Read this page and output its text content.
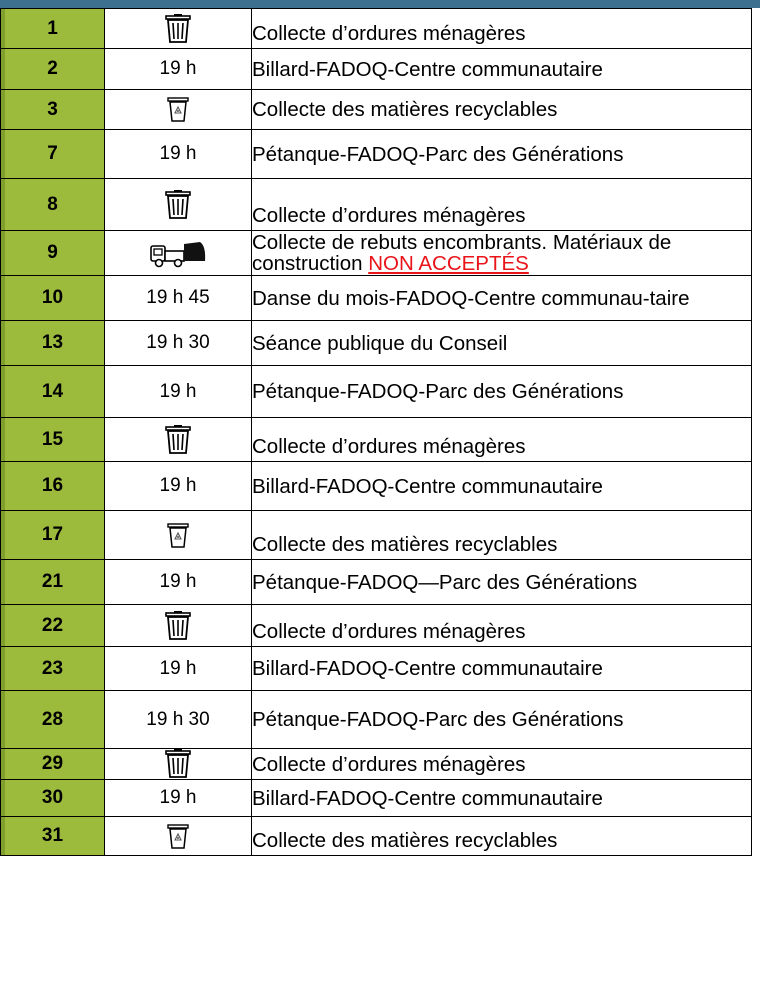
1		Collecte d’ordures ménagères
2	19 h	Billard-FADOQ-Centre communautaire
3		Collecte des matières recyclables
7	19 h	Pétanque-FADOQ-Parc des Générations
8		Collecte d’ordures ménagères
9		Collecte de rebuts encombrants. Matériaux de construction NON ACCEPTÉS
10	19 h 45	Danse du mois-FADOQ-Centre communau-taire
13	19 h 30	Séance publique du Conseil
14	19 h	Pétanque-FADOQ-Parc des Générations
15		Collecte d’ordures ménagères
16	19 h	Billard-FADOQ-Centre communautaire
17		Collecte des matières recyclables
21	19 h	Pétanque-FADOQ—Parc des Générations
22		Collecte d’ordures ménagères
23	19 h	Billard-FADOQ-Centre communautaire
28	19 h 30	Pétanque-FADOQ-Parc des Générations
29		Collecte d’ordures ménagères
30	19 h	Billard-FADOQ-Centre communautaire
31		Collecte des matières recyclables
